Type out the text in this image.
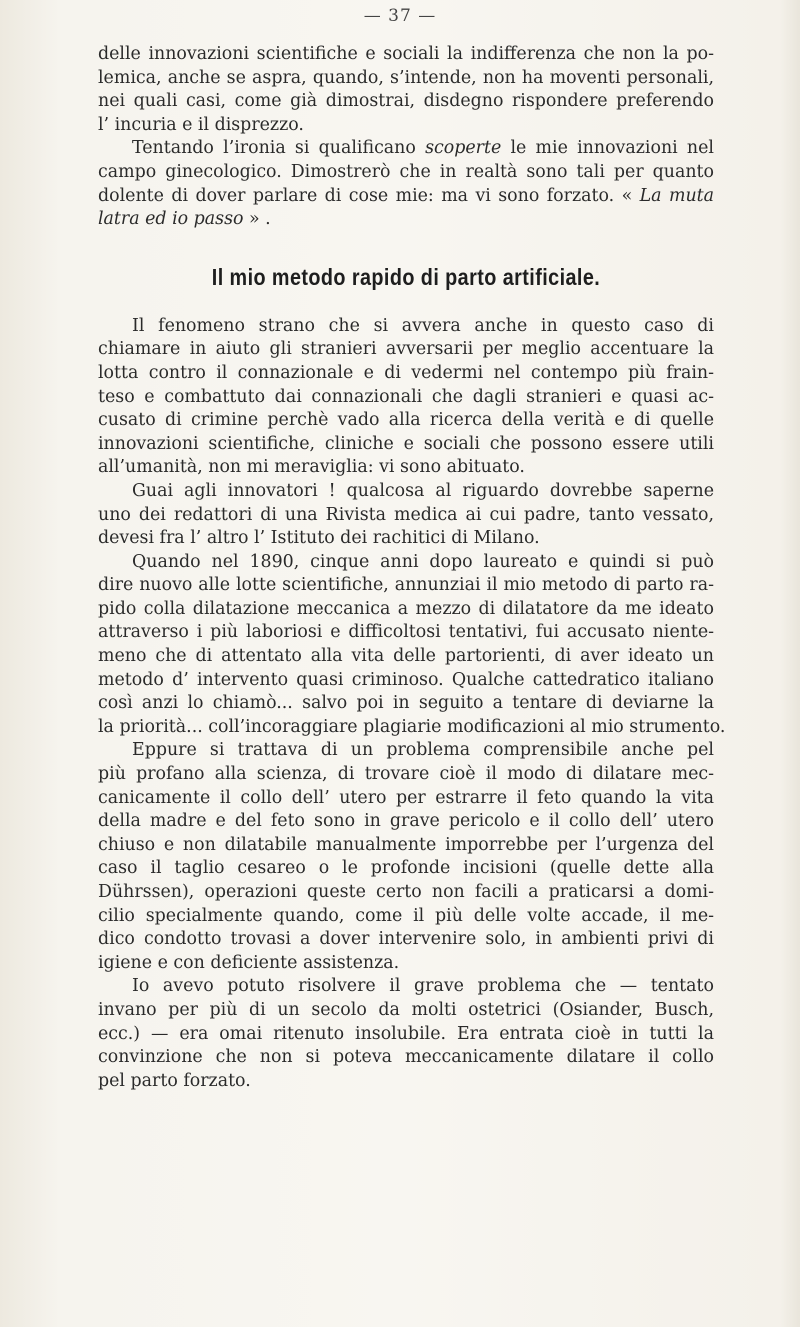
— 37 —
delle innovazioni scientifiche e sociali la indifferenza che non la po-
lemica, anche se aspra, quando, s’intende, non ha moventi personali,
nei quali casi, come già dimostrai, disdegno rispondere preferendo
l’ incuria e il disprezzo.
Tentando l’ironia si qualificano scoperte le mie innovazioni nel
campo ginecologico. Dimostrerò che in realtà sono tali per quanto
dolente di dover parlare di cose mie: ma vi sono forzato. « La muta
latra ed io passo » .
Il mio metodo rapido di parto artificiale.
Il fenomeno strano che si avvera anche in questo caso di
chiamare in aiuto gli stranieri avversarii per meglio accentuare la
lotta contro il connazionale e di vedermi nel contempo più frain-
teso e combattuto dai connazionali che dagli stranieri e quasi ac-
cusato di crimine perchè vado alla ricerca della verità e di quelle
innovazioni scientifiche, cliniche e sociali che possono essere utili
all’umanità, non mi meraviglia: vi sono abituato.
Guai agli innovatori ! qualcosa al riguardo dovrebbe saperne
uno dei redattori di una Rivista medica ai cui padre, tanto vessato,
devesi fra l’ altro l’ Istituto dei rachitici di Milano.
Quando nel 1890, cinque anni dopo laureato e quindi si può
dire nuovo alle lotte scientifiche, annunziai il mio metodo di parto ra-
pido colla dilatazione meccanica a mezzo di dilatatore da me ideato
attraverso i più laboriosi e difficoltosi tentativi, fui accusato niente-
meno che di attentato alla vita delle partorienti, di aver ideato un
metodo d’ intervento quasi criminoso. Qualche cattedratico italiano
così anzi lo chiamò... salvo poi in seguito a tentare di deviarne la
la priorità... coll’incoraggiare plagiarie modificazioni al mio strumento.
Eppure si trattava di un problema comprensibile anche pel
più profano alla scienza, di trovare cioè il modo di dilatare mec-
canicamente il collo dell’ utero per estrarre il feto quando la vita
della madre e del feto sono in grave pericolo e il collo dell’ utero
chiuso e non dilatabile manualmente imporrebbe per l’urgenza del
caso il taglio cesareo o le profonde incisioni (quelle dette alla
Dührssen), operazioni queste certo non facili a praticarsi a domi-
cilio specialmente quando, come il più delle volte accade, il me-
dico condotto trovasi a dover intervenire solo, in ambienti privi di
igiene e con deficiente assistenza.
Io avevo potuto risolvere il grave problema che — tentato
invano per più di un secolo da molti ostetrici (Osiander, Busch,
ecc.) — era omai ritenuto insolubile. Era entrata cioè in tutti la
convinzione che non si poteva meccanicamente dilatare il collo
pel parto forzato.
